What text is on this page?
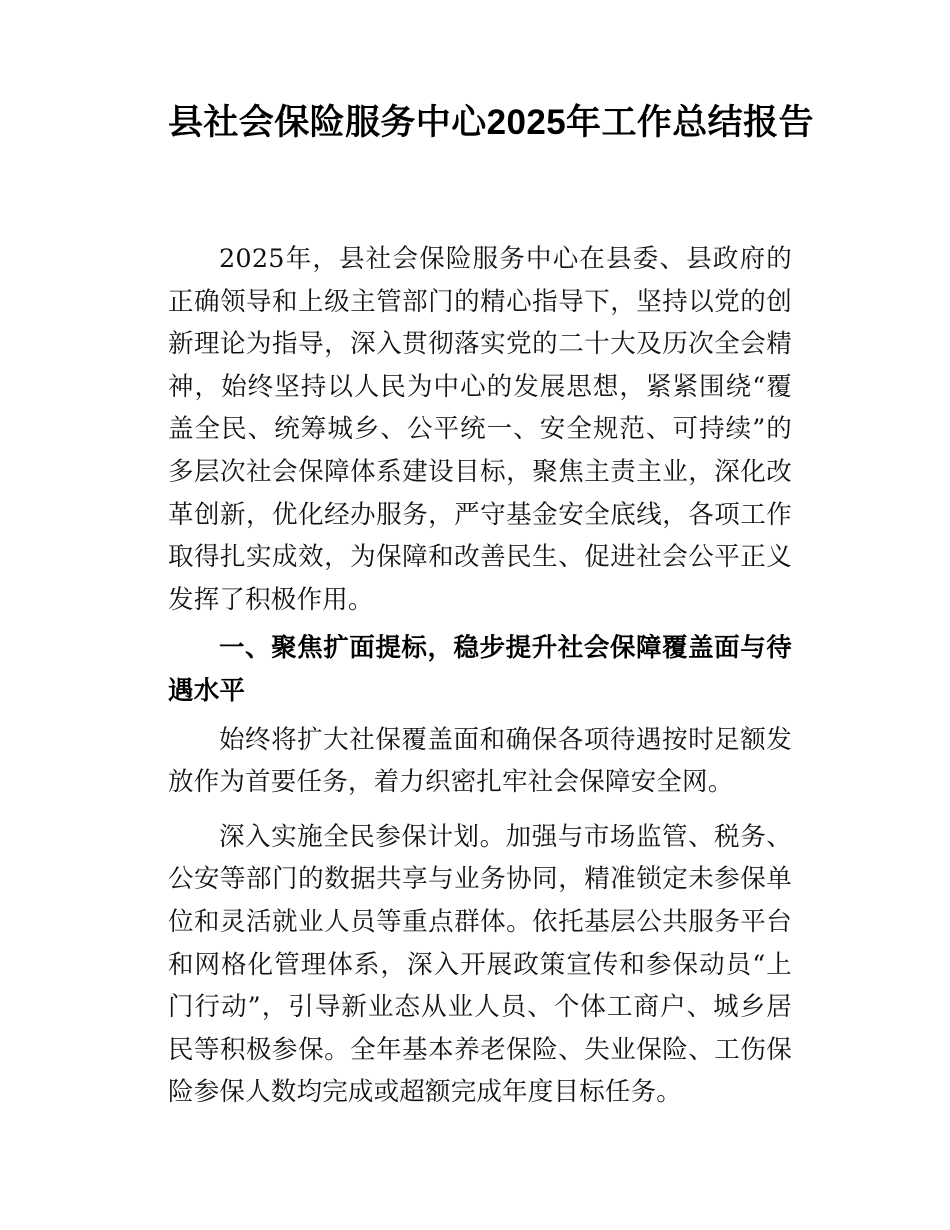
县社会保险服务中心2025年工作总结报告

2025年，县社会保险服务中心在县委、县政府的正确领导和上级主管部门的精心指导下，坚持以党的创新理论为指导，深入贯彻落实党的二十大及历次全会精神，始终坚持以人民为中心的发展思想，紧紧围绕“覆盖全民、统筹城乡、公平统一、安全规范、可持续”的多层次社会保障体系建设目标，聚焦主责主业，深化改革创新，优化经办服务，严守基金安全底线，各项工作取得扎实成效，为保障和改善民生、促进社会公平正义发挥了积极作用。

一、聚焦扩面提标，稳步提升社会保障覆盖面与待遇水平

始终将扩大社保覆盖面和确保各项待遇按时足额发放作为首要任务，着力织密扎牢社会保障安全网。

深入实施全民参保计划。加强与市场监管、税务、公安等部门的数据共享与业务协同，精准锁定未参保单位和灵活就业人员等重点群体。依托基层公共服务平台和网格化管理体系，深入开展政策宣传和参保动员“上门行动”，引导新业态从业人员、个体工商户、城乡居民等积极参保。全年基本养老保险、失业保险、工伤保险参保人数均完成或超额完成年度目标任务。
